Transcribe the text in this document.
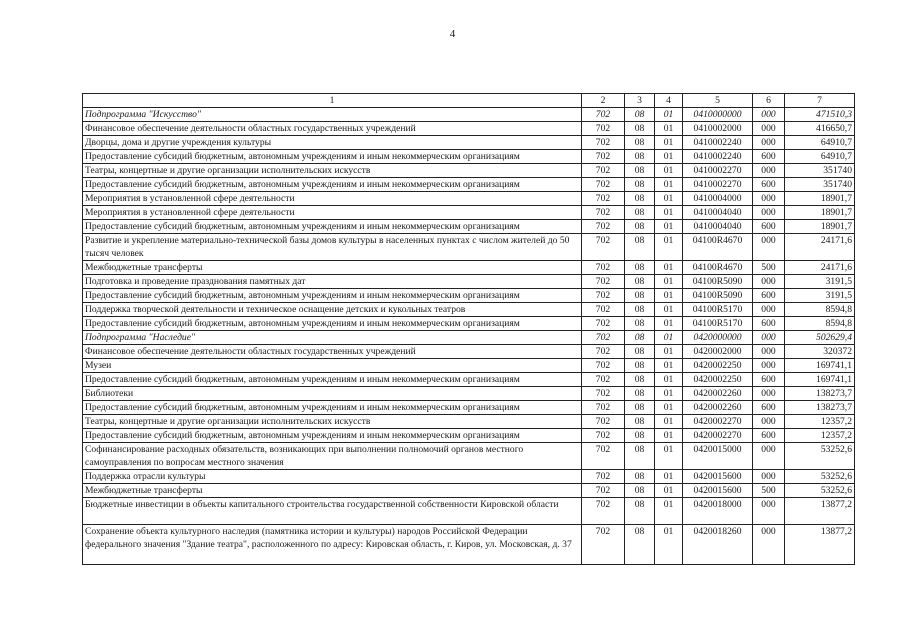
4
1	2	3	4	5	6	7
Подпрограмма "Искусство"	702	08	01	0410000000	000	471510,3
Финансовое обеспечение деятельности областных государственных учреждений	702	08	01	0410002000	000	416650,7
Дворцы, дома и другие учреждения культуры	702	08	01	0410002240	000	64910,7
Предоставление субсидий бюджетным, автономным учреждениям и иным некоммерческим организациям	702	08	01	0410002240	600	64910,7
Театры, концертные и другие организации исполнительских искусств	702	08	01	0410002270	000	351740
Предоставление субсидий бюджетным, автономным учреждениям и иным некоммерческим организациям	702	08	01	0410002270	600	351740
Мероприятия в установленной сфере деятельности	702	08	01	0410004000	000	18901,7
Мероприятия в установленной сфере деятельности	702	08	01	0410004040	000	18901,7
Предоставление субсидий бюджетным, автономным учреждениям и иным некоммерческим организациям	702	08	01	0410004040	600	18901,7
Развитие и укрепление материально-технической базы домов культуры в населенных пунктах с числом жителей до 50 тысяч человек	702	08	01	04100R4670	000	24171,6
Межбюджетные трансферты	702	08	01	04100R4670	500	24171,6
Подготовка и проведение празднования памятных дат	702	08	01	04100R5090	000	3191,5
Предоставление субсидий бюджетным, автономным учреждениям и иным некоммерческим организациям	702	08	01	04100R5090	600	3191,5
Поддержка творческой деятельности и техническое оснащение детских и кукольных театров	702	08	01	04100R5170	000	8594,8
Предоставление субсидий бюджетным, автономным учреждениям и иным некоммерческим организациям	702	08	01	04100R5170	600	8594,8
Подпрограмма "Наследие"	702	08	01	0420000000	000	502629,4
Финансовое обеспечение деятельности областных государственных учреждений	702	08	01	0420002000	000	320372
Музеи	702	08	01	0420002250	000	169741,1
Предоставление субсидий бюджетным, автономным учреждениям и иным некоммерческим организациям	702	08	01	0420002250	600	169741,1
Библиотеки	702	08	01	0420002260	000	138273,7
Предоставление субсидий бюджетным, автономным учреждениям и иным некоммерческим организациям	702	08	01	0420002260	600	138273,7
Театры, концертные и другие организации исполнительских искусств	702	08	01	0420002270	000	12357,2
Предоставление субсидий бюджетным, автономным учреждениям и иным некоммерческим организациям	702	08	01	0420002270	600	12357,2
Софинансирование расходных обязательств, возникающих при выполнении полномочий органов местного самоуправления по вопросам местного значения	702	08	01	0420015000	000	53252,6
Поддержка отрасли культуры	702	08	01	0420015600	000	53252,6
Межбюджетные трансферты	702	08	01	0420015600	500	53252,6
Бюджетные инвестиции в объекты капитального строительства государственной собственности Кировской области	702	08	01	0420018000	000	13877,2
Сохранение объекта культурного наследия (памятника истории и культуры) народов Российской Федерации федерального значения "Здание театра", расположенного по адресу: Кировская область, г. Киров, ул. Московская, д. 37	702	08	01	0420018260	000	13877,2
